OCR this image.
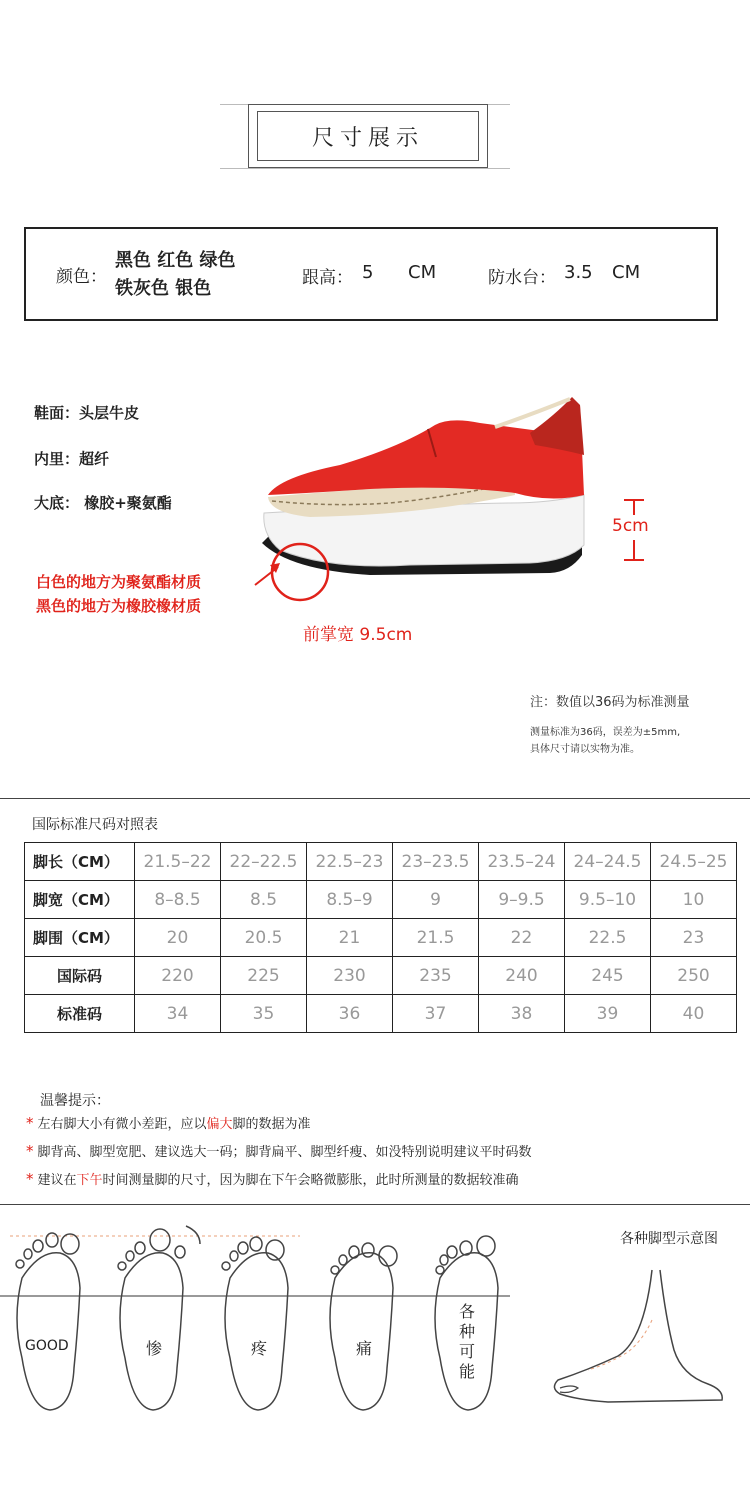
尺寸展示
颜色：
黑色 红色 绿色
铁灰色 银色	跟高： 5 CM	防水台： 3.5 CM
鞋面：头层牛皮
内里：超纤
大底： 橡胶+聚氨酯
白色的地方为聚氨酯材质
黑色的地方为橡胶橡材质
5cm
前掌宽 9.5cm
注：数值以36码为标准测量
测量标准为36码，误差为±5mm,
具体尺寸请以实物为准。
国际标准尺码对照表
脚长（CM）	21.5–22	22–22.5	22.5–23	23–23.5	23.5–24	24–24.5	24.5–25
脚宽（CM）	8–8.5	8.5	8.5–9	9	9–9.5	9.5–10	10
脚围（CM）	20	20.5	21	21.5	22	22.5	23
国际码	220	225	230	235	240	245	250
标准码	34	35	36	37	38	39	40
温馨提示：
* 左右脚大小有微小差距，应以偏大脚的数据为准
* 脚背高、脚型宽肥、建议选大一码；脚背扁平、脚型纤瘦、如没特别说明建议平时码数
* 建议在下午时间测量脚的尺寸，因为脚在下午会略微膨胀，此时所测量的数据较准确
各种脚型示意图
GOOD	惨	疼	痛
各种可能
